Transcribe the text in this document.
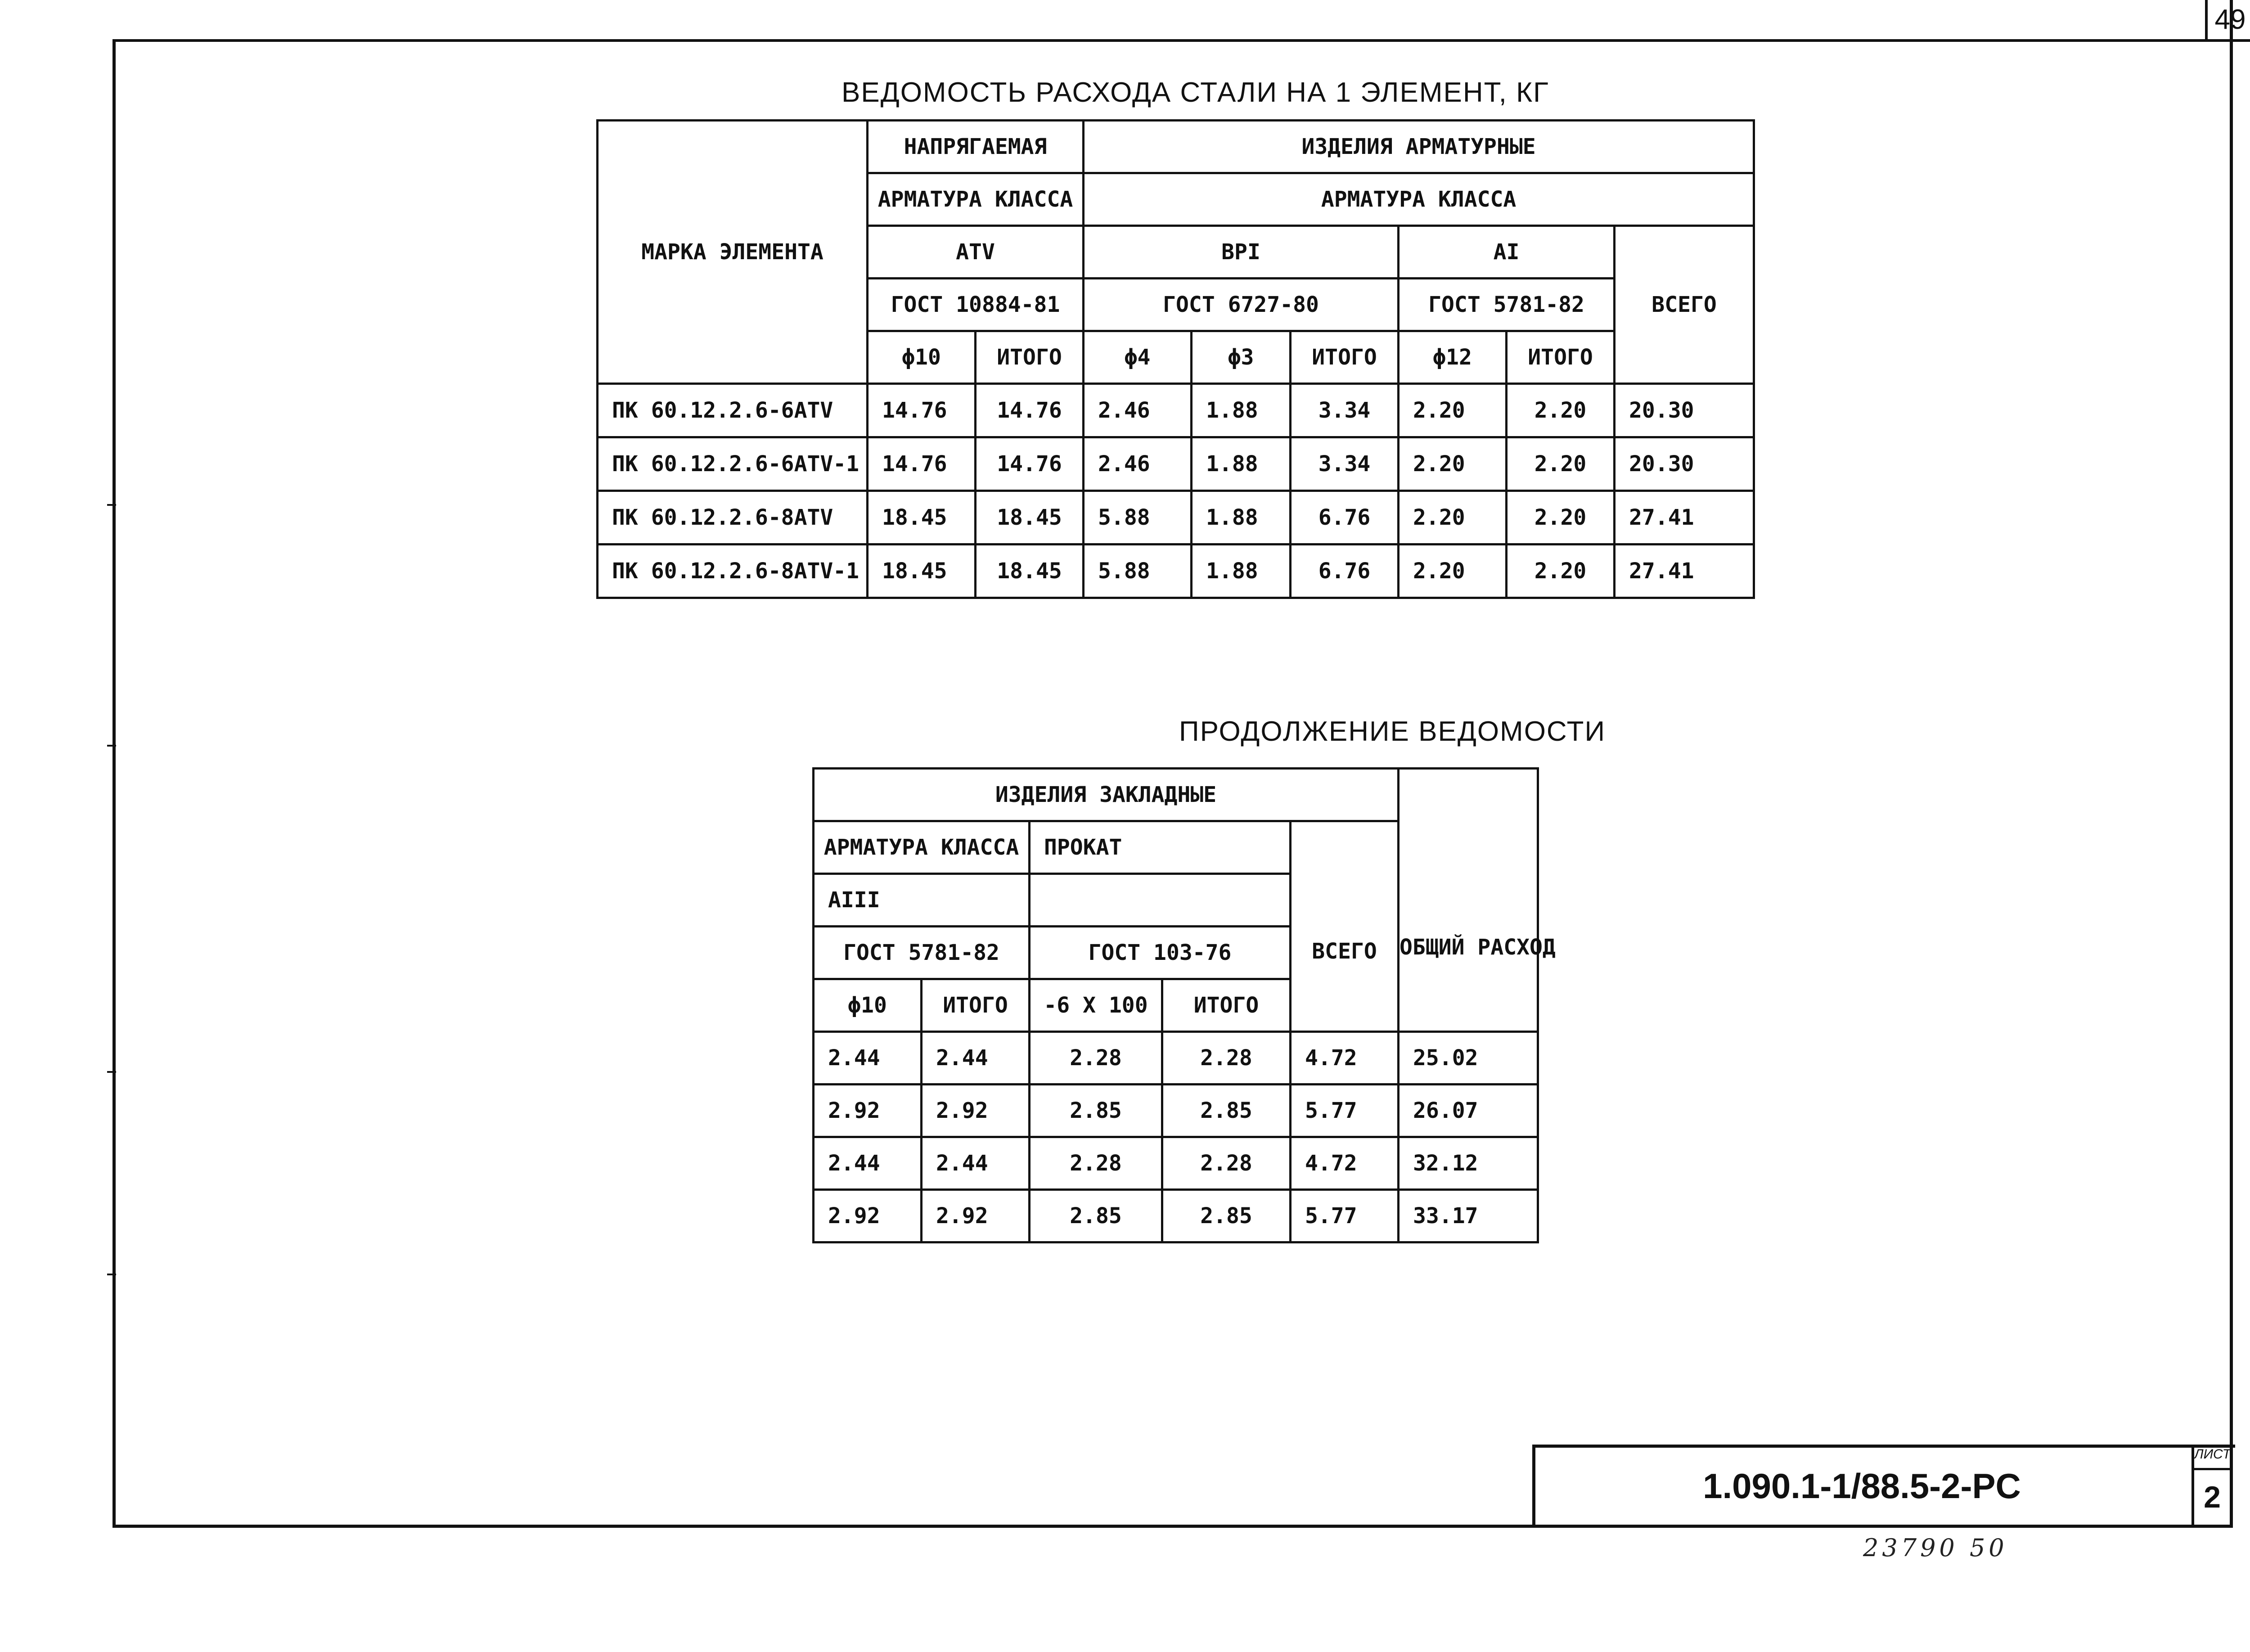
49
ВЕДОМОСТЬ РАСХОДА СТАЛИ НА 1 ЭЛЕМЕНТ, КГ
МАРКА ЭЛЕМЕНТА	НАПРЯГАЕМАЯ		ИЗДЕЛИЯ АРМАТУРНЫЕ					
	АРМАТУРА КЛАССА		АРМАТУРА КЛАССА					
	АТV		ВРI			АI		ВСЕГО
	ГОСТ 10884-81		ГОСТ 6727-80			ГОСТ 5781-82		
	ϕ10	ИТОГО	ϕ4	ϕ3	ИТОГО	ϕ12	ИТОГО	
ПК 60.12.2.6-6АТV	14.76	14.76	2.46	1.88	3.34	2.20	2.20	20.30
ПК 60.12.2.6-6АТV-1	14.76	14.76	2.46	1.88	3.34	2.20	2.20	20.30
ПК 60.12.2.6-8АТV	18.45	18.45	5.88	1.88	6.76	2.20	2.20	27.41
ПК 60.12.2.6-8АТV-1	18.45	18.45	5.88	1.88	6.76	2.20	2.20	27.41
ПРОДОЛЖЕНИЕ ВЕДОМОСТИ
ИЗДЕЛИЯ ЗАКЛАДНЫЕ					ОБЩИЙ РАСХОД
АРМАТУРА КЛАССА		ПРОКАТ		ВСЕГО	
АIII					
ГОСТ 5781-82		ГОСТ 103-76			
ϕ10	ИТОГО	-6 Х 100	ИТОГО		
2.44	2.44	2.28	2.28	4.72	25.02
2.92	2.92	2.85	2.85	5.77	26.07
2.44	2.44	2.28	2.28	4.72	32.12
2.92	2.92	2.85	2.85	5.77	33.17
1.090.1-1/88.5-2-PC
ЛИСТ
2
23790 50
